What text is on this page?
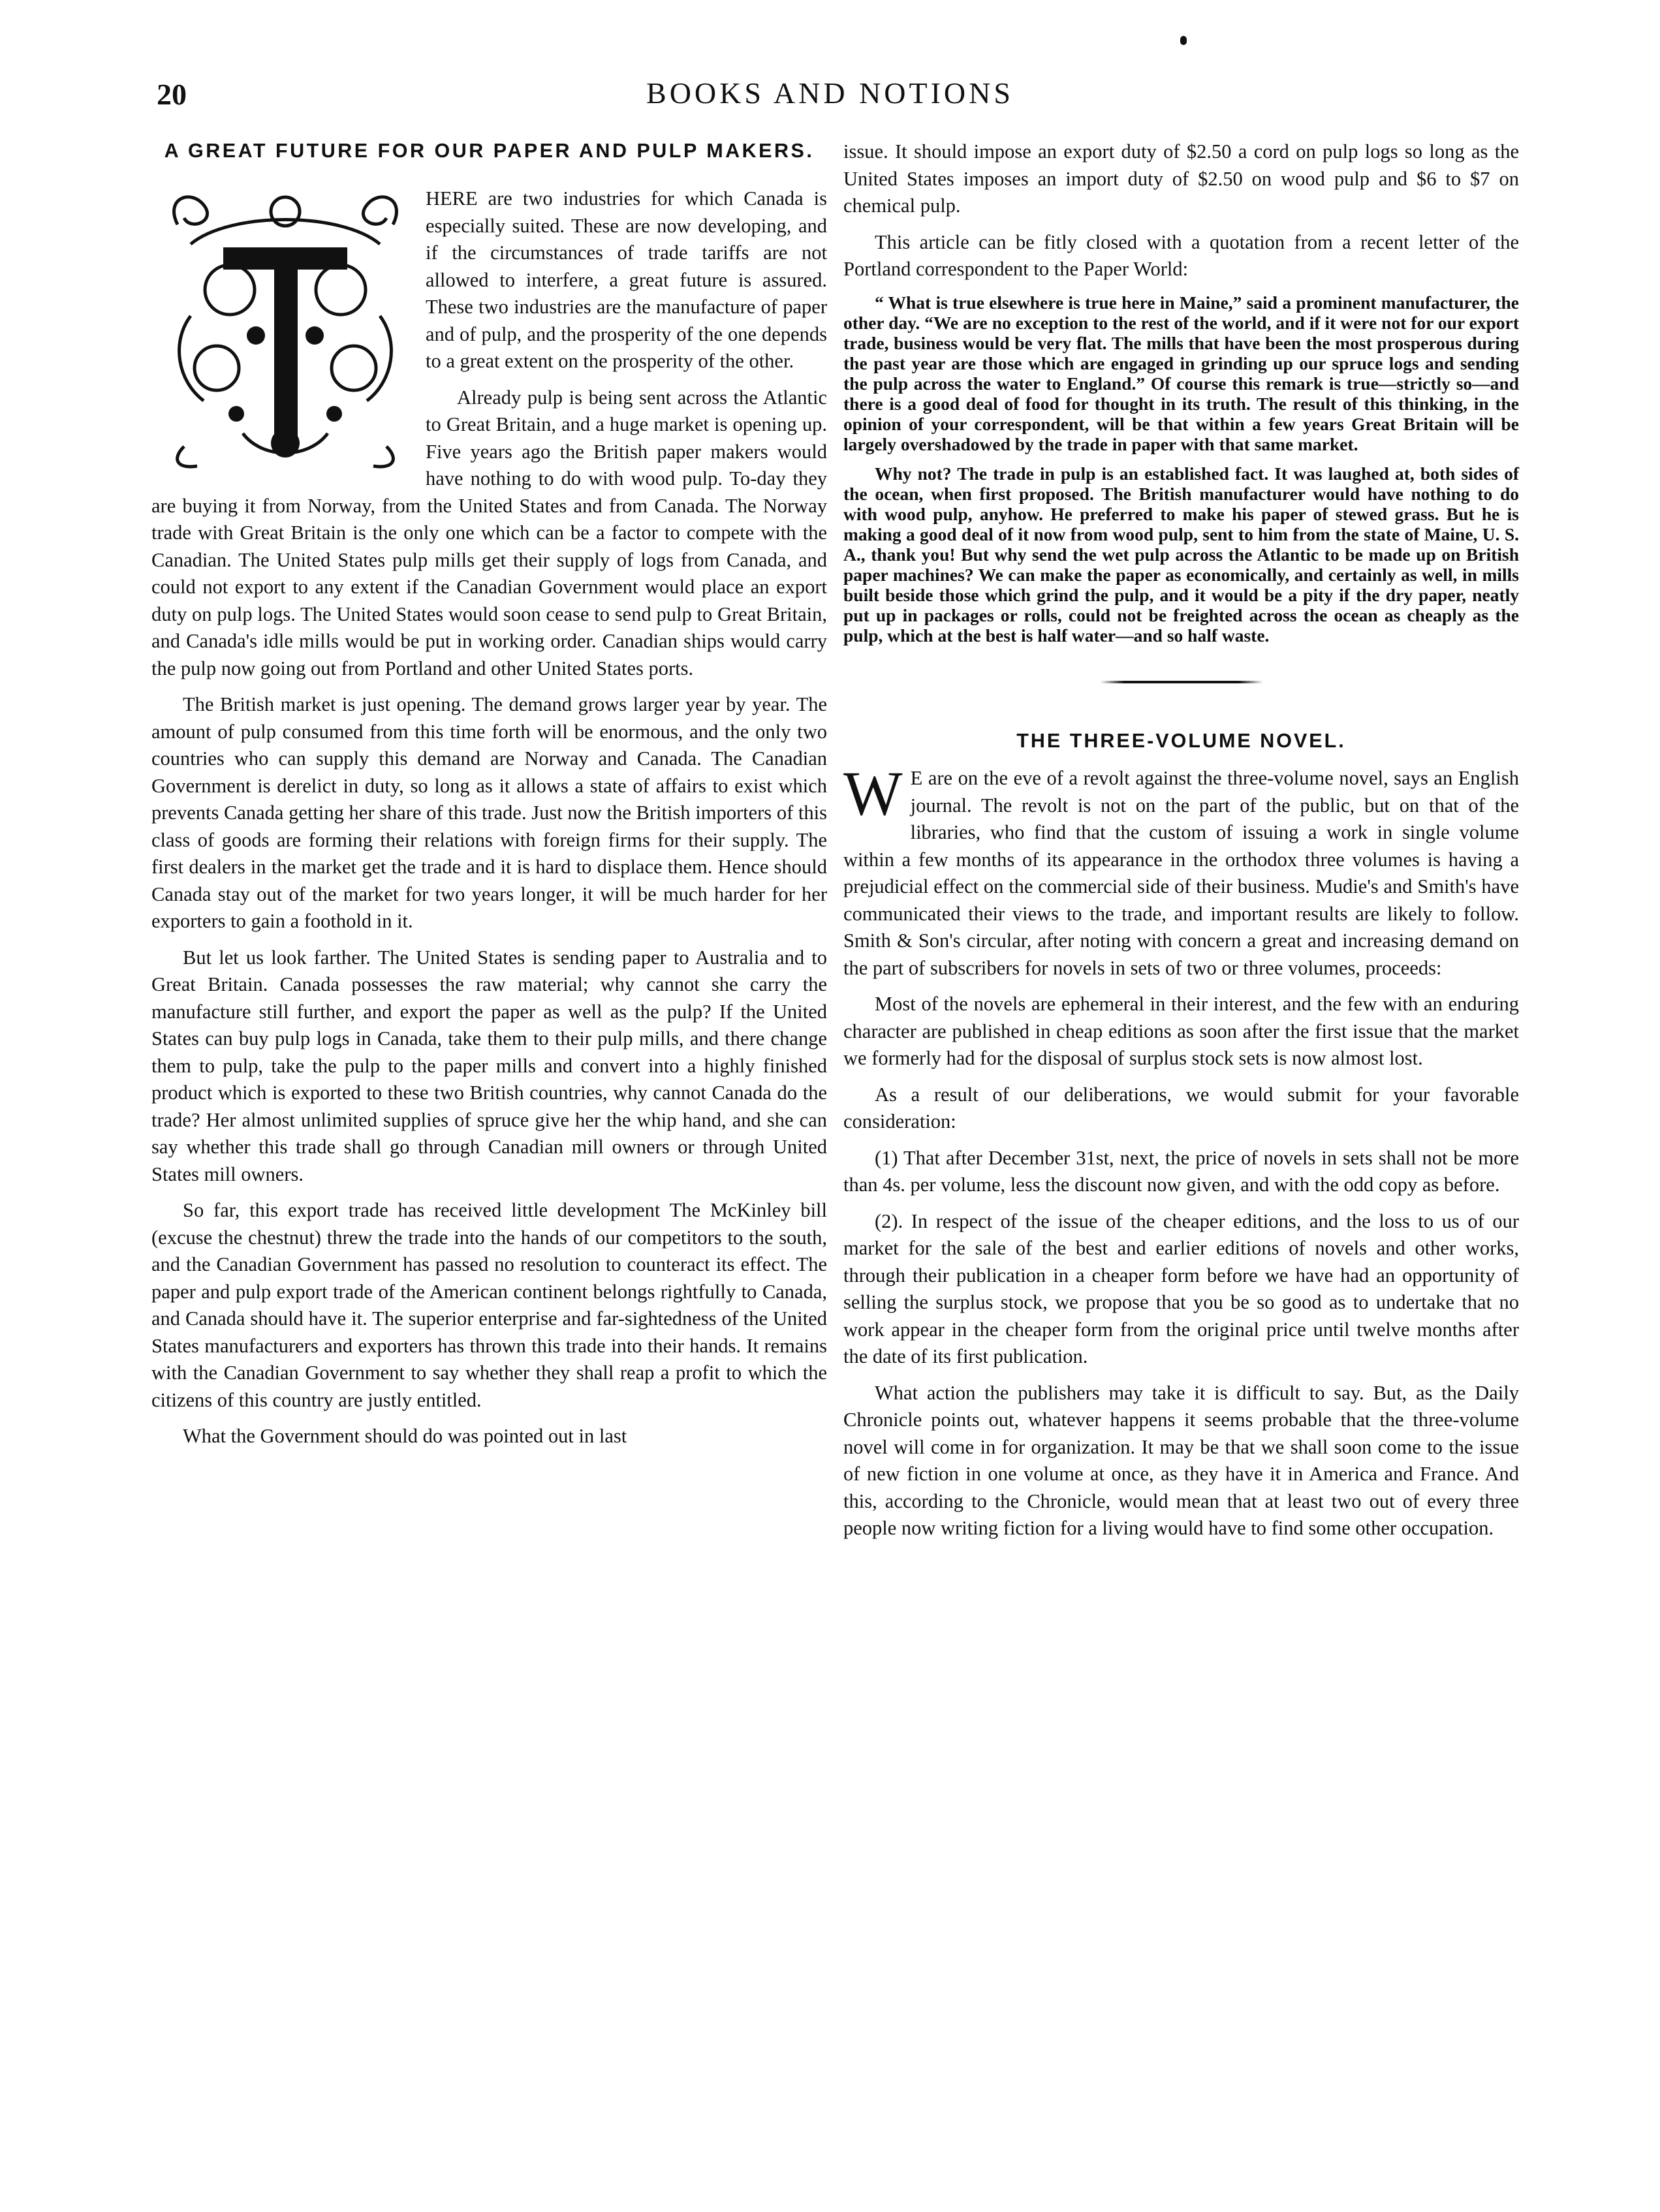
20	BOOKS AND NOTIONS
A GREAT FUTURE FOR OUR PAPER AND PULP MAKERS.

HERE are two industries for which Canada is especially suited. These are now developing, and if the circumstances of trade tariffs are not allowed to interfere, a great future is assured. These two industries are the manufacture of paper and of pulp, and the prosperity of the one depends to a great extent on the prosperity of the other.

Already pulp is being sent across the Atlantic to Great Britain, and a huge market is opening up. Five years ago the British paper makers would have nothing to do with wood pulp. To-day they are buying it from Norway, from the United States and from Canada. The Norway trade with Great Britain is the only one which can be a factor to compete with the Canadian. The United States pulp mills get their supply of logs from Canada, and could not export to any extent if the Canadian Government would place an export duty on pulp logs. The United States would soon cease to send pulp to Great Britain, and Canada's idle mills would be put in working order. Canadian ships would carry the pulp now going out from Portland and other United States ports.

The British market is just opening. The demand grows larger year by year. The amount of pulp consumed from this time forth will be enormous, and the only two countries who can supply this demand are Norway and Canada. The Canadian Government is derelict in duty, so long as it allows a state of affairs to exist which prevents Canada getting her share of this trade. Just now the British importers of this class of goods are forming their relations with foreign firms for their supply. The first dealers in the market get the trade and it is hard to displace them. Hence should Canada stay out of the market for two years longer, it will be much harder for her exporters to gain a foothold in it.

But let us look farther. The United States is sending paper to Australia and to Great Britain. Canada possesses the raw material; why cannot she carry the manufacture still further, and export the paper as well as the pulp? If the United States can buy pulp logs in Canada, take them to their pulp mills, and there change them to pulp, take the pulp to the paper mills and convert into a highly finished product which is exported to these two British countries, why cannot Canada do the trade? Her almost unlimited supplies of spruce give her the whip hand, and she can say whether this trade shall go through Canadian mill owners or through United States mill owners.

So far, this export trade has received little development The McKinley bill (excuse the chestnut) threw the trade into the hands of our competitors to the south, and the Canadian Government has passed no resolution to counteract its effect. The paper and pulp export trade of the American continent belongs rightfully to Canada, and Canada should have it. The superior enterprise and far-sightedness of the United States manufacturers and exporters has thrown this trade into their hands. It remains with the Canadian Government to say whether they shall reap a profit to which the citizens of this country are justly entitled.

What the Government should do was pointed out in last

issue. It should impose an export duty of $2.50 a cord on pulp logs so long as the United States imposes an import duty of $2.50 on wood pulp and $6 to $7 on chemical pulp.

This article can be fitly closed with a quotation from a recent letter of the Portland correspondent to the Paper World:

“ What is true elsewhere is true here in Maine,” said a prominent manufacturer, the other day. “We are no exception to the rest of the world, and if it were not for our export trade, business would be very flat. The mills that have been the most prosperous during the past year are those which are engaged in grinding up our spruce logs and sending the pulp across the water to England.” Of course this remark is true—strictly so—and there is a good deal of food for thought in its truth. The result of this thinking, in the opinion of your correspondent, will be that within a few years Great Britain will be largely overshadowed by the trade in paper with that same market.

Why not? The trade in pulp is an established fact. It was laughed at, both sides of the ocean, when first proposed. The British manufacturer would have nothing to do with wood pulp, anyhow. He preferred to make his paper of stewed grass. But he is making a good deal of it now from wood pulp, sent to him from the state of Maine, U. S. A., thank you! But why send the wet pulp across the Atlantic to be made up on British paper machines? We can make the paper as economically, and certainly as well, in mills built beside those which grind the pulp, and it would be a pity if the dry paper, neatly put up in packages or rolls, could not be freighted across the ocean as cheaply as the pulp, which at the best is half water—and so half waste.

THE THREE-VOLUME NOVEL.

W E are on the eve of a revolt against the three-volume novel, says an English journal. The revolt is not on the part of the public, but on that of the libraries, who find that the custom of issuing a work in single volume within a few months of its appearance in the orthodox three volumes is having a prejudicial effect on the commercial side of their business. Mudie's and Smith's have communicated their views to the trade, and important results are likely to follow. Smith & Son's circular, after noting with concern a great and increasing demand on the part of subscribers for novels in sets of two or three volumes, proceeds:

Most of the novels are ephemeral in their interest, and the few with an enduring character are published in cheap editions as soon after the first issue that the market we formerly had for the disposal of surplus stock sets is now almost lost.

As a result of our deliberations, we would submit for your favorable consideration:

(1) That after December 31st, next, the price of novels in sets shall not be more than 4s. per volume, less the discount now given, and with the odd copy as before.

(2). In respect of the issue of the cheaper editions, and the loss to us of our market for the sale of the best and earlier editions of novels and other works, through their publication in a cheaper form before we have had an opportunity of selling the surplus stock, we propose that you be so good as to undertake that no work appear in the cheaper form from the original price until twelve months after the date of its first publication.

What action the publishers may take it is difficult to say. But, as the Daily Chronicle points out, whatever happens it seems probable that the three-volume novel will come in for organization. It may be that we shall soon come to the issue of new fiction in one volume at once, as they have it in America and France. And this, according to the Chronicle, would mean that at least two out of every three people now writing fiction for a living would have to find some other occupation.
